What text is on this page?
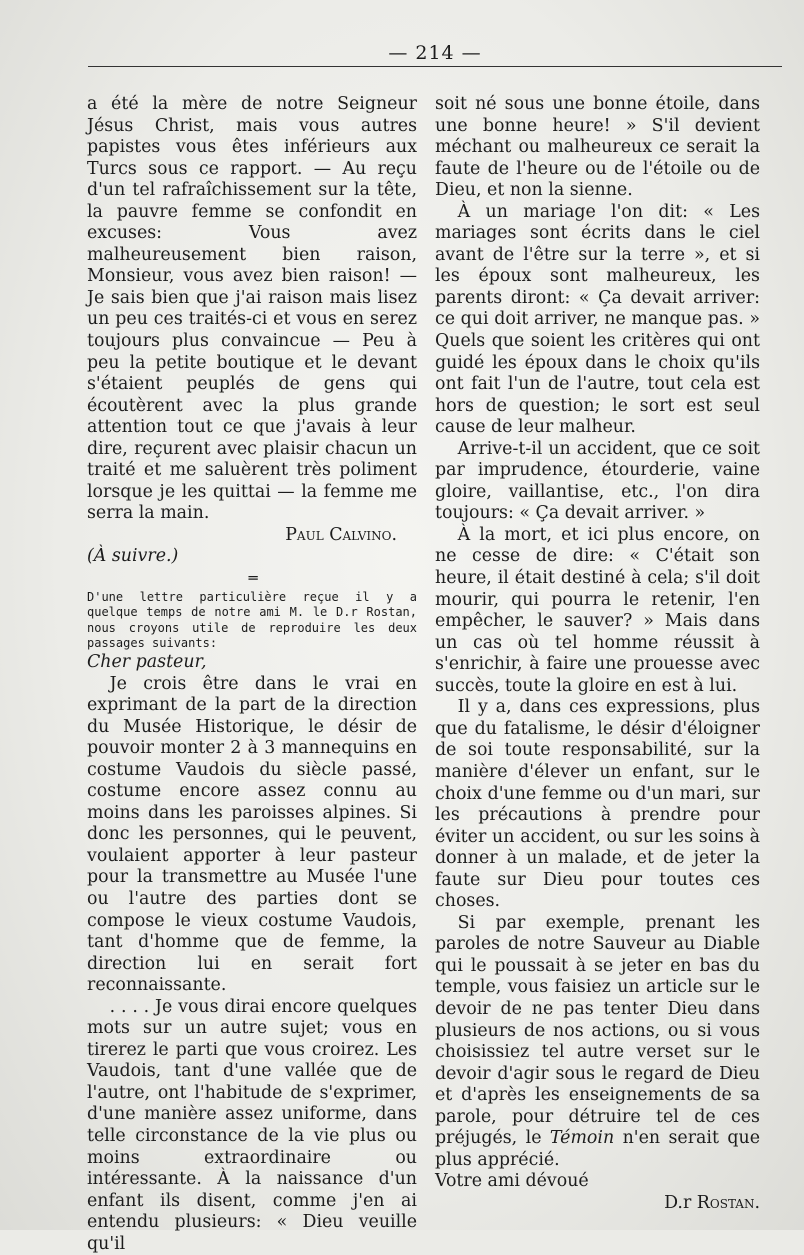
— 214 —

a été la mère de notre Seigneur Jésus Christ, mais vous autres papistes vous êtes inférieurs aux Turcs sous ce rapport. — Au reçu d'un tel rafraîchissement sur la tête, la pauvre femme se confondit en excuses: Vous avez malheureusement bien raison, Monsieur, vous avez bien raison! — Je sais bien que j'ai raison mais lisez un peu ces traités-ci et vous en serez toujours plus convaincue — Peu à peu la petite boutique et le devant s'étaient peuplés de gens qui écoutèrent avec la plus grande attention tout ce que j'avais à leur dire, reçurent avec plaisir chacun un traité et me saluèrent très poliment lorsque je les quittai — la femme me serra la main.

Paul Calvino.

(À suivre.)

═

D'une lettre particulière reçue il y a quelque temps de notre ami M. le D.r Rostan, nous croyons utile de reproduire les deux passages suivants:

Cher pasteur,

Je crois être dans le vrai en exprimant de la part de la direction du Musée Historique, le désir de pouvoir monter 2 à 3 mannequins en costume Vaudois du siècle passé, costume encore assez connu au moins dans les paroisses alpines. Si donc les personnes, qui le peuvent, voulaient apporter à leur pasteur pour la transmettre au Musée l'une ou l'autre des parties dont se compose le vieux costume Vaudois, tant d'homme que de femme, la direction lui en serait fort reconnaissante.

. . . . Je vous dirai encore quelques mots sur un autre sujet; vous en tirerez le parti que vous croirez. Les Vaudois, tant d'une vallée que de l'autre, ont l'habitude de s'exprimer, d'une manière assez uniforme, dans telle circonstance de la vie plus ou moins extraordinaire ou intéressante. À la naissance d'un enfant ils disent, comme j'en ai entendu plusieurs: « Dieu veuille qu'il

soit né sous une bonne étoile, dans une bonne heure! » S'il devient méchant ou malheureux ce serait la faute de l'heure ou de l'étoile ou de Dieu, et non la sienne.

À un mariage l'on dit: « Les mariages sont écrits dans le ciel avant de l'être sur la terre », et si les époux sont malheureux, les parents diront: « Ça devait arriver: ce qui doit arriver, ne manque pas. » Quels que soient les critères qui ont guidé les époux dans le choix qu'ils ont fait l'un de l'autre, tout cela est hors de question; le sort est seul cause de leur malheur.

Arrive-t-il un accident, que ce soit par imprudence, étourderie, vaine gloire, vaillantise, etc., l'on dira toujours: « Ça devait arriver. »

À la mort, et ici plus encore, on ne cesse de dire: « C'était son heure, il était destiné à cela; s'il doit mourir, qui pourra le retenir, l'en empêcher, le sauver? » Mais dans un cas où tel homme réussit à s'enrichir, à faire une prouesse avec succès, toute la gloire en est à lui.

Il y a, dans ces expressions, plus que du fatalisme, le désir d'éloigner de soi toute responsabilité, sur la manière d'élever un enfant, sur le choix d'une femme ou d'un mari, sur les précautions à prendre pour éviter un accident, ou sur les soins à donner à un malade, et de jeter la faute sur Dieu pour toutes ces choses.

Si par exemple, prenant les paroles de notre Sauveur au Diable qui le poussait à se jeter en bas du temple, vous faisiez un article sur le devoir de ne pas tenter Dieu dans plusieurs de nos actions, ou si vous choisissiez tel autre verset sur le devoir d'agir sous le regard de Dieu et d'après les enseignements de sa parole, pour détruire tel de ces préjugés, le Témoin n'en serait que plus apprécié.

Votre ami dévoué

D.r Rostan.
